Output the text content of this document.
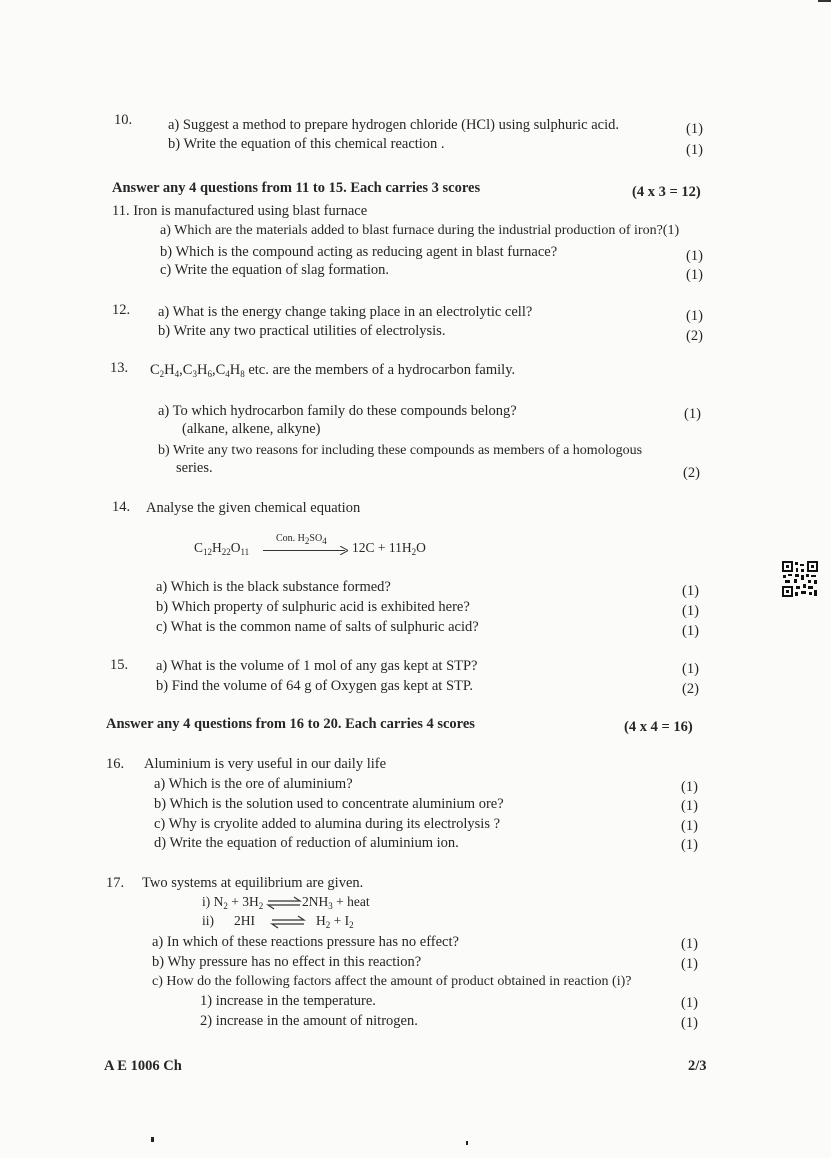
10. a) Suggest a method to prepare hydrogen chloride (HCl) using sulphuric acid.	(1)
b) Write the equation of this chemical reaction .	(1)
Answer any 4 questions from 11 to 15. Each carries 3 scores	(4 x 3 = 12)
11. Iron is manufactured using blast furnace
a) Which are the materials added to blast furnace during the industrial production of iron?(1)
b) Which is the compound acting as reducing agent in blast furnace?	(1)
c) Write the equation of slag formation.	(1)
12. a) What is the energy change taking place in an electrolytic cell?	(1)
b) Write any two practical utilities of electrolysis.	(2)
13. $C_2H_4,C_3H_6,C_4H_8$ etc. are the members of a hydrocarbon family.
a) To which hydrocarbon family do these compounds belong?	(1)
(alkane, alkene, alkyne)
b) Write any two reasons for including these compounds as members of a homologous
series.	(2)
14. Analyse the given chemical equation
$C_{12}H_{22}O_{11}$
Con. $H_2SO_4$ $12C + 11H_2O$
a) Which is the black substance formed?	(1)
b) Which property of sulphuric acid is exhibited here?	(1)
c) What is the common name of salts of sulphuric acid?	(1)
15. a) What is the volume of 1 mol of any gas kept at STP?	(1)
b) Find the volume of 64 g of Oxygen gas kept at STP.	(2)
Answer any 4 questions from 16 to 20. Each carries 4 scores	(4 x 4 = 16)
16. Aluminium is very useful in our daily life
a) Which is the ore of aluminium?	(1)
b) Which is the solution used to concentrate aluminium ore?	(1)
c) Why is cryolite added to alumina during its electrolysis ?	(1)
d) Write the equation of reduction of aluminium ion.	(1)
17. Two systems at equilibrium are given.
i) $N_2 + 3H_2$	$2NH_3$ + heat
ii) 2HI	$H_2 + I_2$
a) In which of these reactions pressure has no effect?	(1)
b) Why pressure has no effect in this reaction?	(1)
c) How do the following factors affect the amount of product obtained in reaction (i)?
1) increase in the temperature.	(1)
2) increase in the amount of nitrogen.	(1)
A E 1006 Ch	2/3
